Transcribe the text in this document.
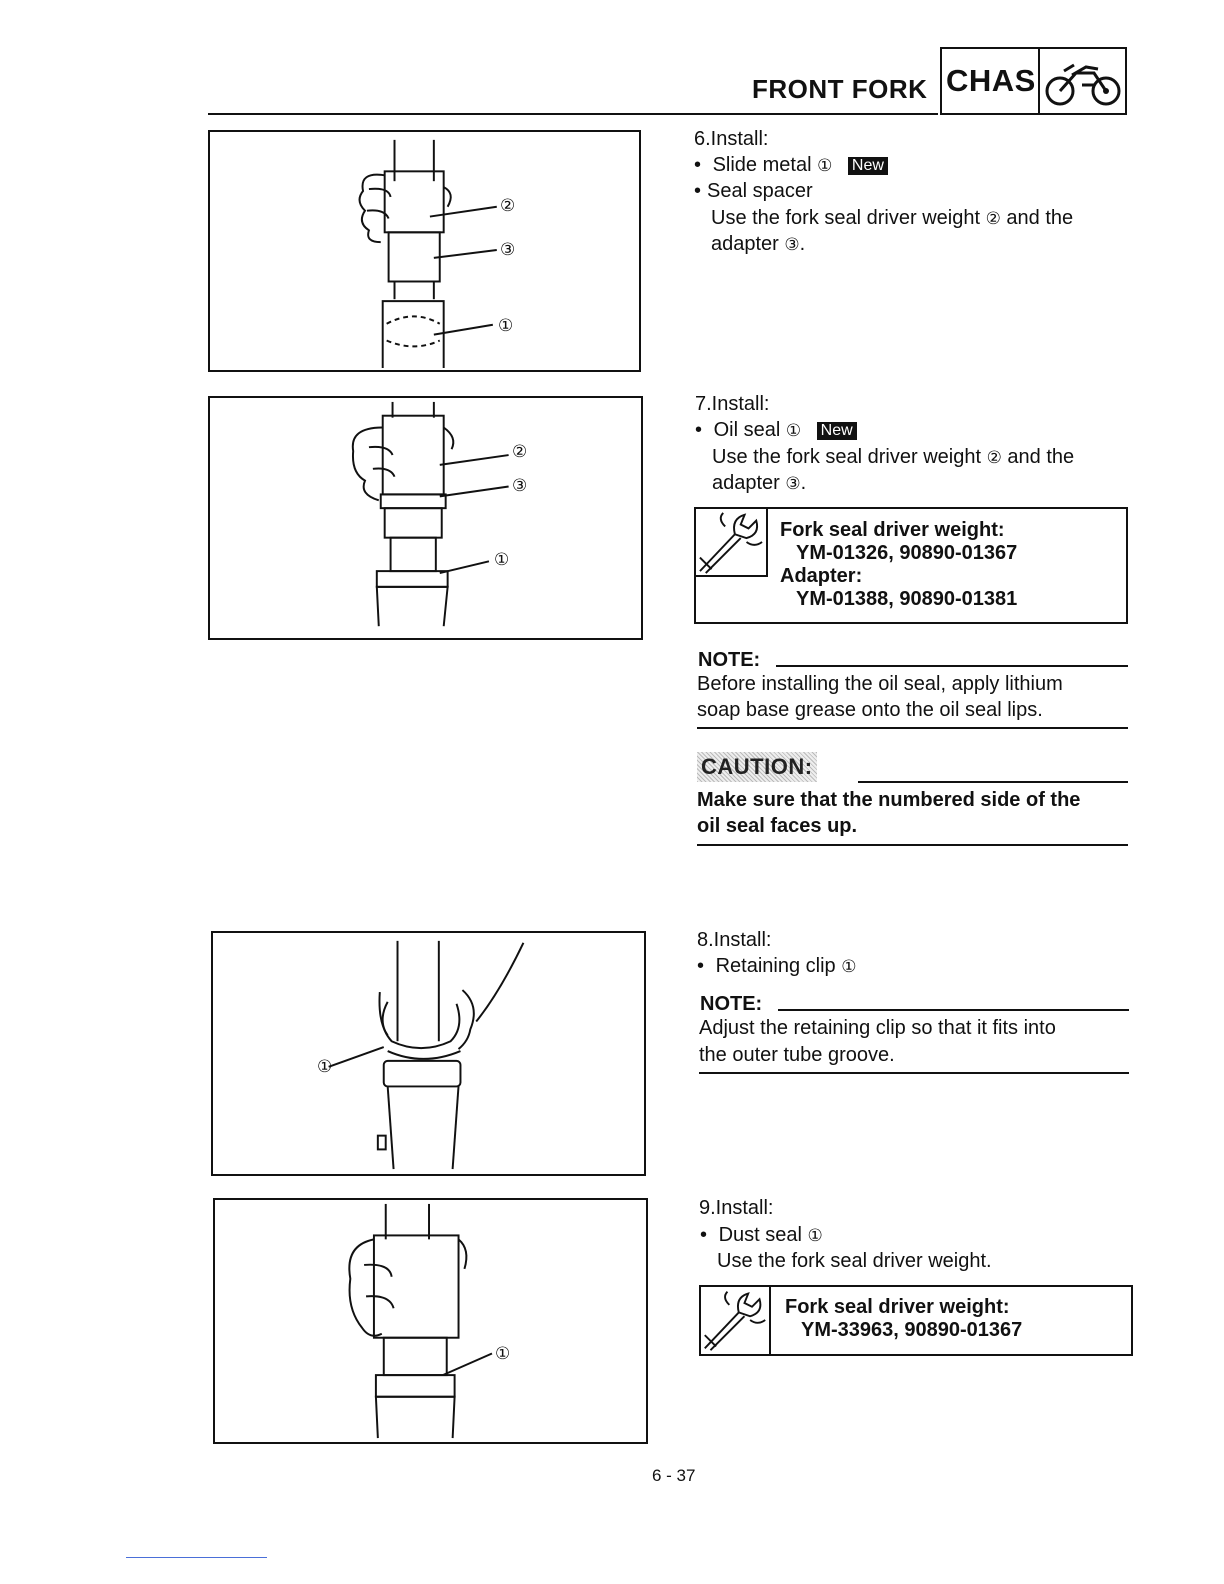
FRONT FORK CHAS
②
③
①
②
③
①
①
①
6.Install:
• Slide metal ① New
• Seal spacer
Use the fork seal driver weight ② and the
adapter ③.
7.Install:
• Oil seal ① New
Use the fork seal driver weight ② and the
adapter ③.
Fork seal driver weight:
YM-01326, 90890-01367
Adapter:
YM-01388, 90890-01381
NOTE:
Before installing the oil seal, apply lithium
soap base grease onto the oil seal lips.
CAUTION:
Make sure that the numbered side of the
oil seal faces up.
8.Install:
• Retaining clip ①
NOTE:
Adjust the retaining clip so that it fits into
the outer tube groove.
9.Install:
• Dust seal ①
Use the fork seal driver weight.
Fork seal driver weight:
YM-33963, 90890-01367
6 - 37
